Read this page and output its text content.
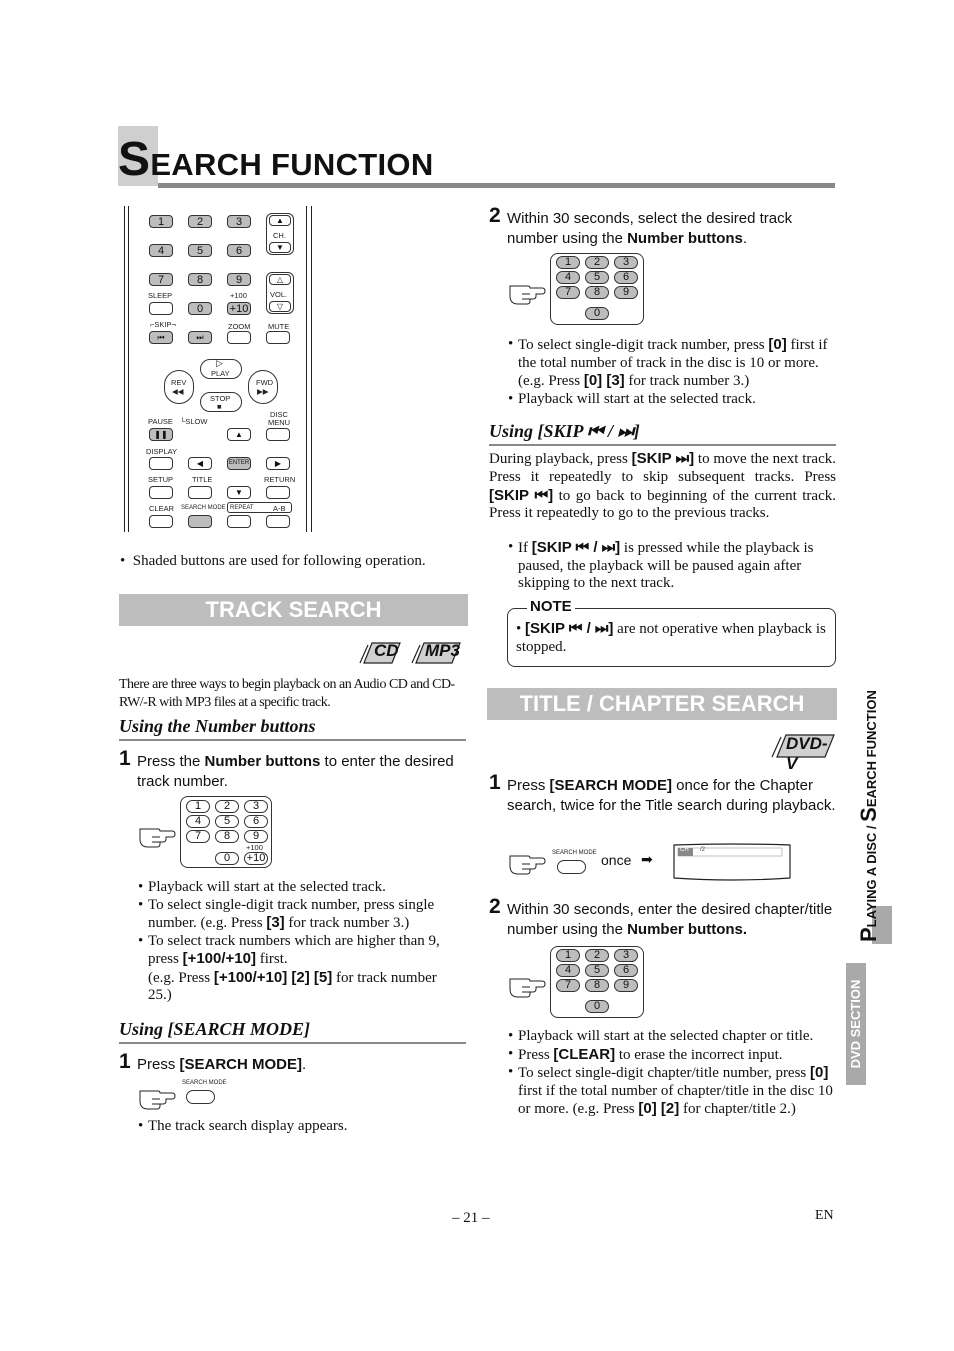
SEARCH FUNCTION
1	2	3
4	5	6
7	8	9
0	+10
SLEEP	+100
▲
CH.
▼
△
VOL.
▽
⌐SKIP¬	ZOOM MUTE
⏮	⏭
REV
◀◀
▷
PLAY
STOP
■
FWD
▶▶
PAUSE └SLOW
DISC
MENU
❚❚	▲
DISPLAY
◀	ENTER	▶
SETUP	TITLE	RETURN
▼
CLEAR SEARCH MODE REPEAT	A-B
•  Shaded buttons are used for following operation.
TRACK SEARCH
CD MP3
There are three ways to begin playback on an Audio CD and CD-RW/-R with MP3 files at a specific track.
Using the Number buttons
1 Press the Number buttons to enter the desired track number.
1	2	3
4	5	6
7	8	9
+100
0	+10
• Playback will start at the selected track.
• To select single-digit track number, press single number. (e.g. Press [3] for track number 3.)
• To select track numbers which are higher than 9, press [+100/+10] first.
(e.g. Press [+100/+10] [2] [5] for track number 25.)
Using [SEARCH MODE]
1 Press [SEARCH MODE].
SEARCH MODE
• The track search display appears.
2 Within 30 seconds, select the desired track number using the Number buttons.
1	2	3
4	5	6
7	8	9
0
• To select single-digit track number, press [0] first if the total number of track in the disc is 10 or more. (e.g. Press [0] [3] for track number 3.)
• Playback will start at the selected track.
Using [SKIP ⏮ / ⏭]
During playback, press [SKIP ⏭] to move the next track. Press it repeatedly to skip subsequent tracks. Press [SKIP ⏮] to go back to beginning of the current track. Press it repeatedly to go to the previous tracks.
• If [SKIP ⏮ / ⏭] is pressed while the playback is paused, the playback will be paused again after skipping to the next track.
NOTE
• [SKIP ⏮ / ⏭] are not operative when playback is stopped.
TITLE / CHAPTER SEARCH
DVD-V
1 Press [SEARCH MODE] once for the Chapter search, twice for the Title search during playback.
SEARCH MODE once ➡
CH /2
2 Within 30 seconds, enter the desired chapter/title number using the Number buttons.
1	2	3
4	5	6
7	8	9
0
• Playback will start at the selected chapter or title.
• Press [CLEAR] to erase the incorrect input.
• To select single-digit chapter/title number, press [0] first if the total number of chapter/title in the disc 10 or more. (e.g. Press [0] [2] for chapter/title 2.)
PLAYING A DISC / SEARCH FUNCTION
DVD SECTION
– 21 –	EN
